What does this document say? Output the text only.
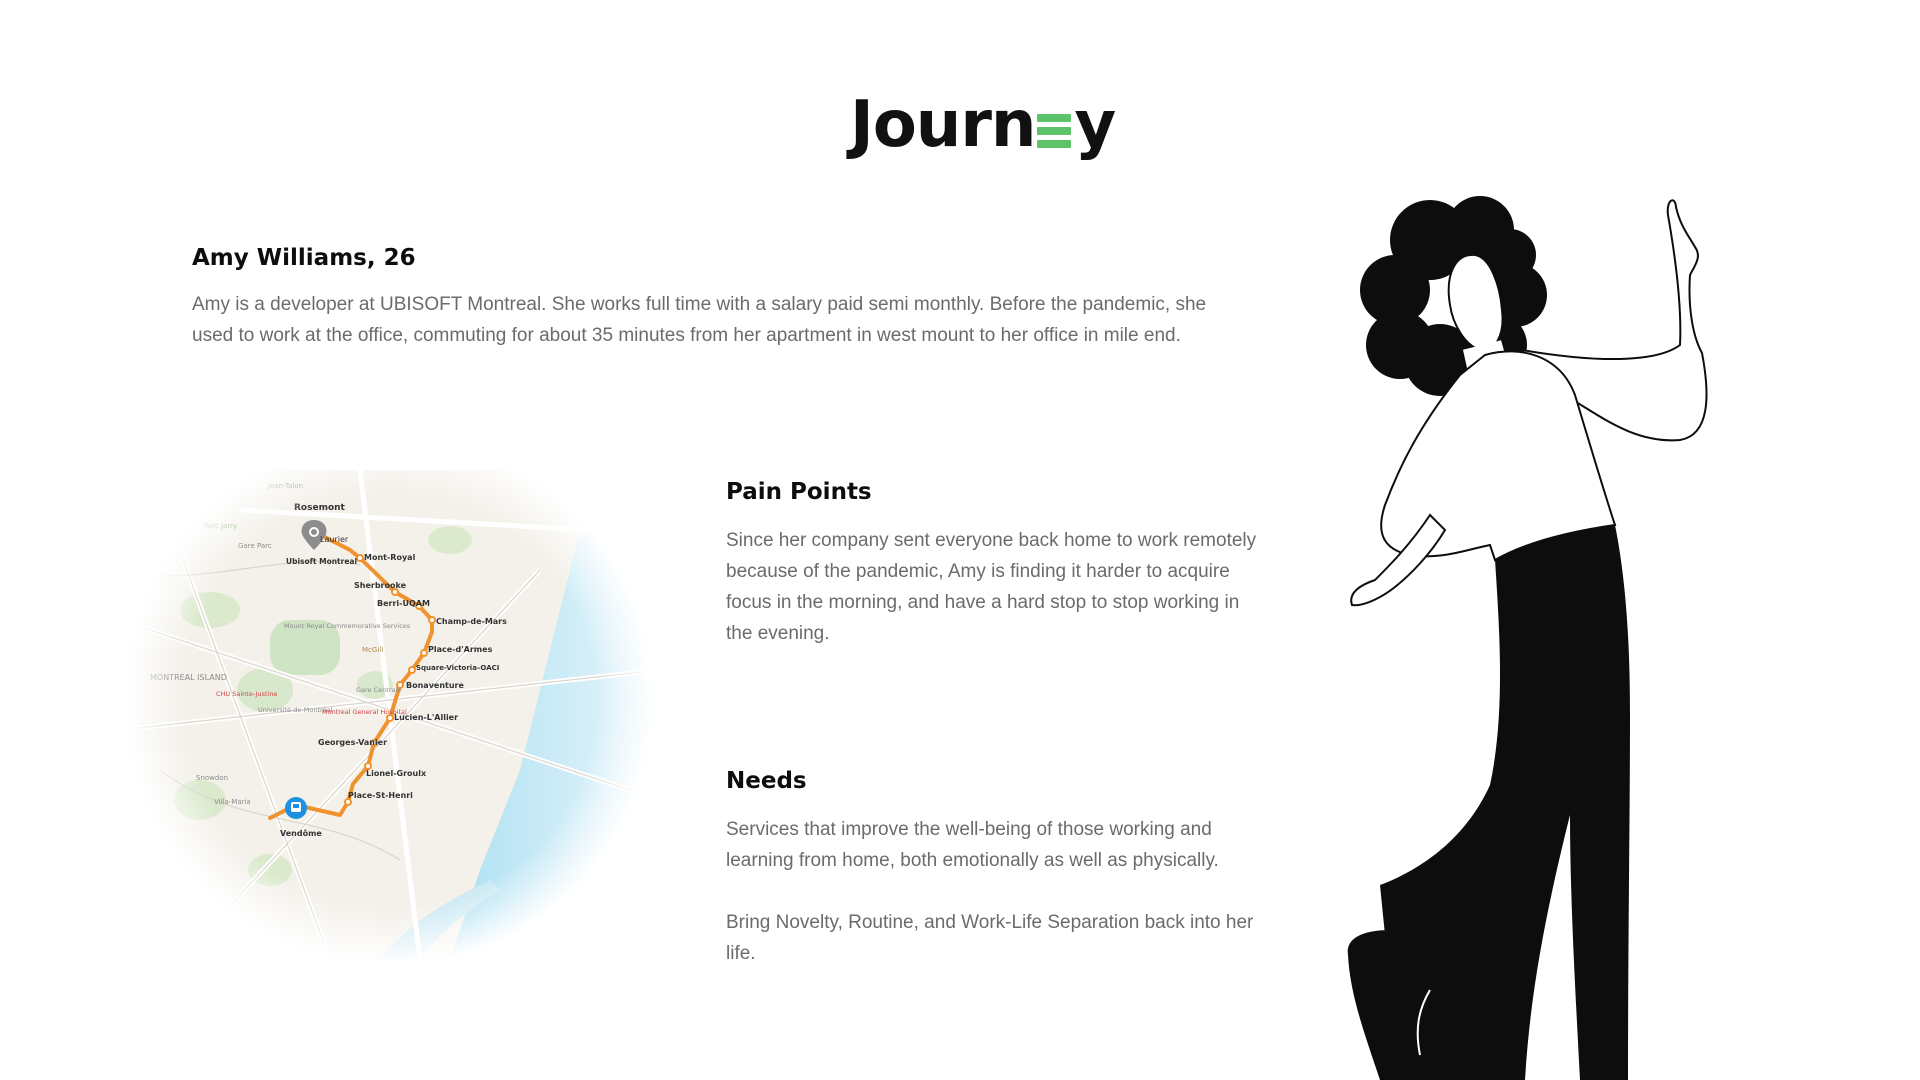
Journ y
Amy Williams, 26

Amy is a developer at UBISOFT Montreal. She works full time with a salary paid semi monthly. Before the pandemic, she used to work at the office, commuting for about 35 minutes from her apartment in west mount to her office in mile end.

Pain Points

Since her company sent everyone back home to work remotely because of the pandemic, Amy is finding it harder to acquire focus in the morning, and have a hard stop to stop working in the evening.

Needs

Services that improve the well-being of those working and learning from home, both emotionally as well as physically.

Bring Novelty, Routine, and Work-Life Separation back into her life.
